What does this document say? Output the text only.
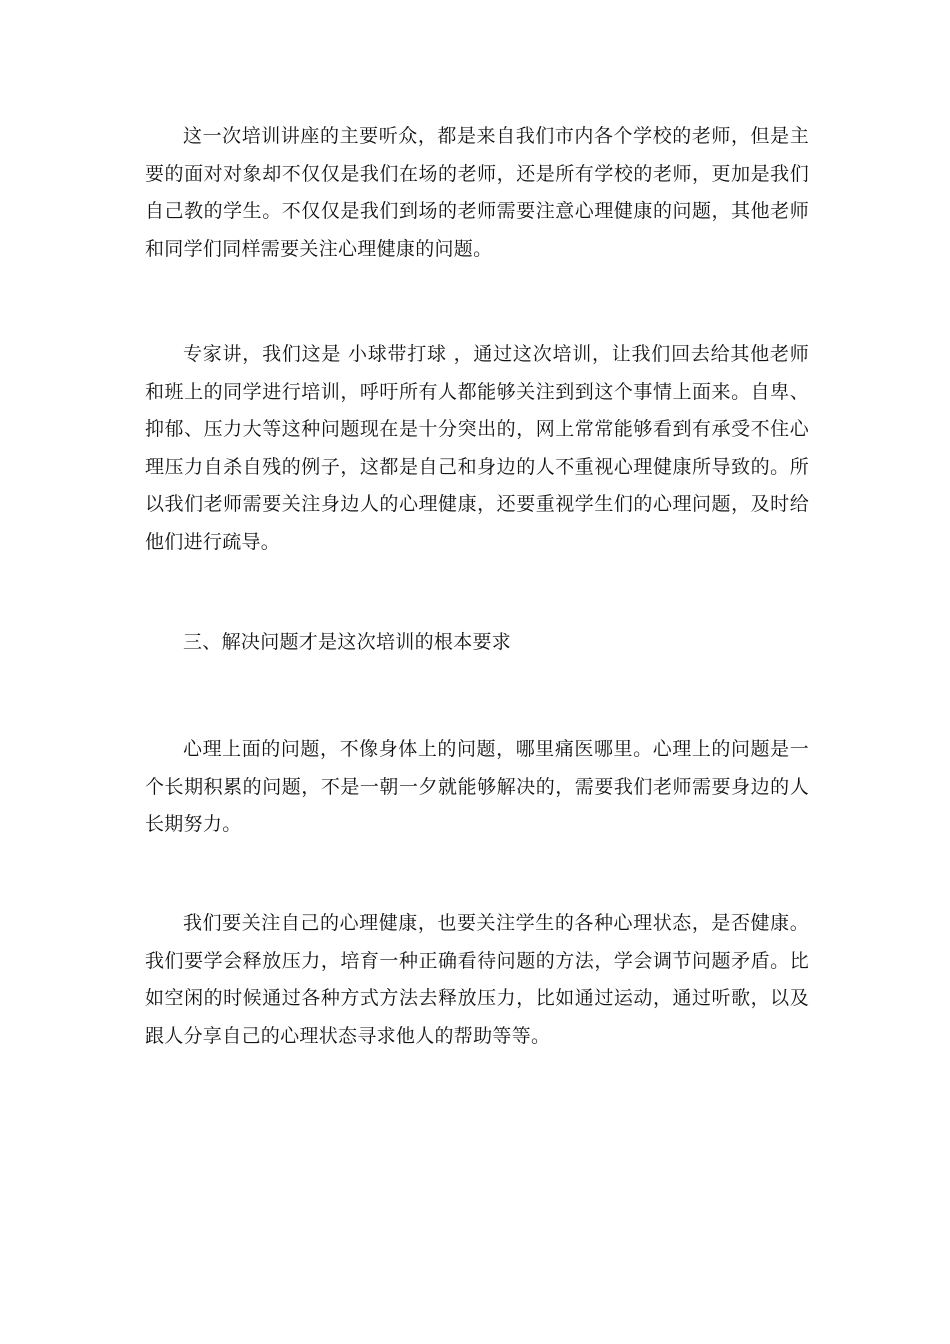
这一次培训讲座的主要听众，都是来自我们市内各个学校的老师，但是主要的面对对象却不仅仅是我们在场的老师，还是所有学校的老师，更加是我们自己教的学生。不仅仅是我们到场的老师需要注意心理健康的问题，其他老师和同学们同样需要关注心理健康的问题。

专家讲，我们这是 小球带打球 ，通过这次培训，让我们回去给其他老师和班上的同学进行培训，呼吁所有人都能够关注到到这个事情上面来。自卑、抑郁、压力大等这种问题现在是十分突出的，网上常常能够看到有承受不住心理压力自杀自残的例子，这都是自己和身边的人不重视心理健康所导致的。所以我们老师需要关注身边人的心理健康，还要重视学生们的心理问题，及时给他们进行疏导。

三、解决问题才是这次培训的根本要求

心理上面的问题，不像身体上的问题，哪里痛医哪里。心理上的问题是一个长期积累的问题，不是一朝一夕就能够解决的，需要我们老师需要身边的人长期努力。

我们要关注自己的心理健康，也要关注学生的各种心理状态，是否健康。我们要学会释放压力，培育一种正确看待问题的方法，学会调节问题矛盾。比如空闲的时候通过各种方式方法去释放压力，比如通过运动，通过听歌，以及跟人分享自己的心理状态寻求他人的帮助等等。
